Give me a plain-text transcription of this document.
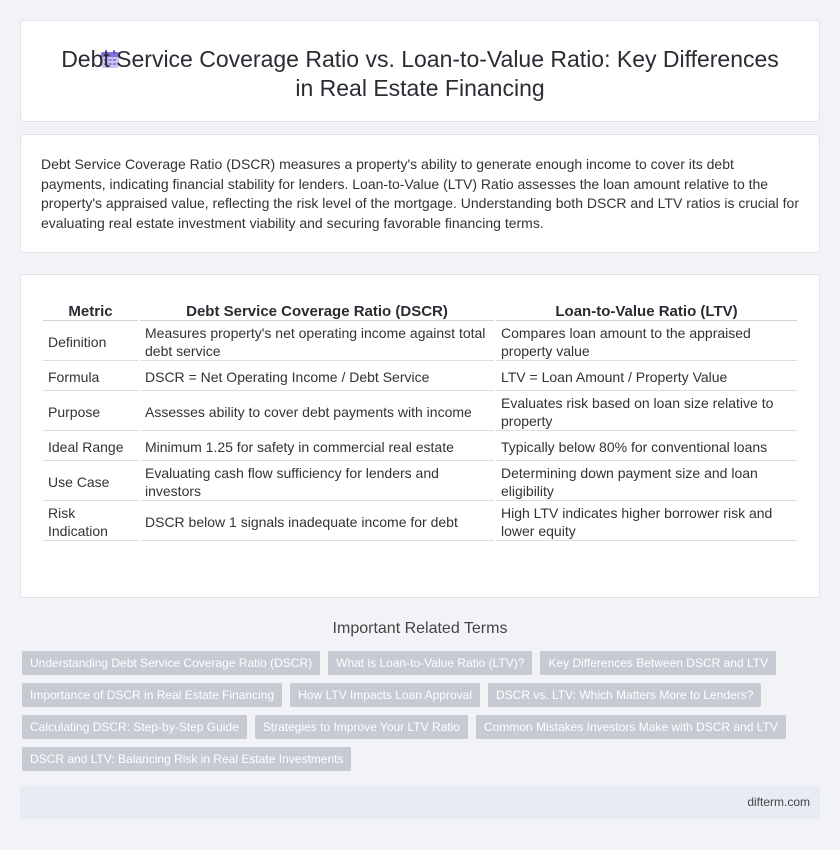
Debt Service Coverage Ratio vs. Loan-to-Value Ratio: Key Differences in Real Estate Financing

Debt Service Coverage Ratio (DSCR) measures a property's ability to generate enough income to cover its debt payments, indicating financial stability for lenders. Loan-to-Value (LTV) Ratio assesses the loan amount relative to the property's appraised value, reflecting the risk level of the mortgage. Understanding both DSCR and LTV ratios is crucial for evaluating real estate investment viability and securing favorable financing terms.

Metric	Debt Service Coverage Ratio (DSCR)	Loan-to-Value Ratio (LTV)
Definition	Measures property's net operating income against total debt service	Compares loan amount to the appraised property value
Formula	DSCR = Net Operating Income / Debt Service	LTV = Loan Amount / Property Value
Purpose	Assesses ability to cover debt payments with income	Evaluates risk based on loan size relative to property
Ideal Range	Minimum 1.25 for safety in commercial real estate	Typically below 80% for conventional loans
Use Case	Evaluating cash flow sufficiency for lenders and investors	Determining down payment size and loan eligibility
Risk Indication	DSCR below 1 signals inadequate income for debt	High LTV indicates higher borrower risk and lower equity
Important Related Terms
Understanding Debt Service Coverage Ratio (DSCR)	What is Loan-to-Value Ratio (LTV)?	Key Differences Between DSCR and LTV
Importance of DSCR in Real Estate Financing	How LTV Impacts Loan Approval	DSCR vs. LTV: Which Matters More to Lenders?
Calculating DSCR: Step-by-Step Guide	Strategies to Improve Your LTV Ratio	Common Mistakes Investors Make with DSCR and LTV
DSCR and LTV: Balancing Risk in Real Estate Investments
difterm.com
